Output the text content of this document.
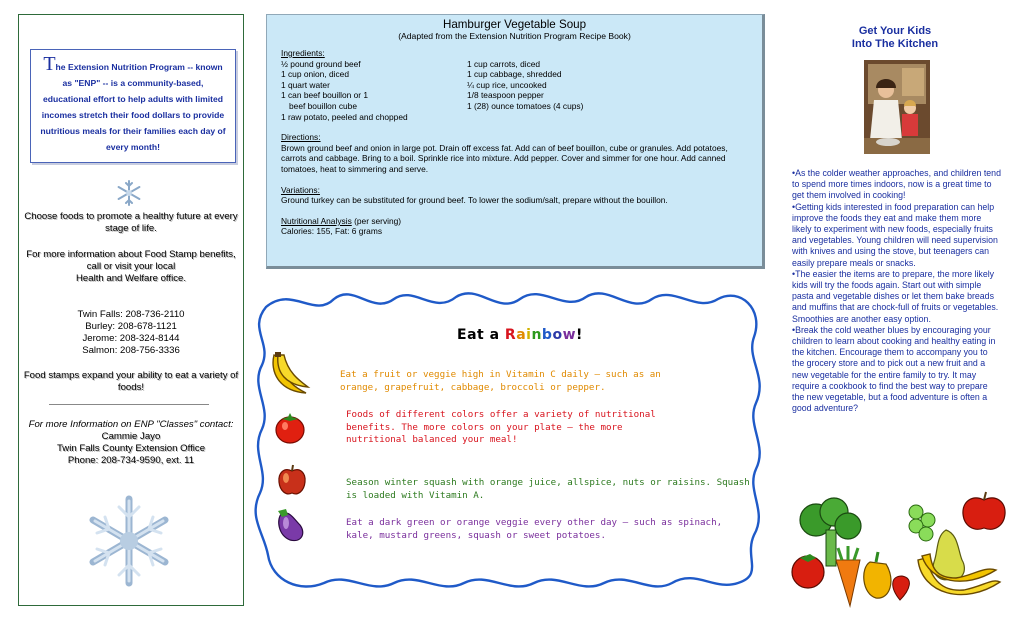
The Extension Nutrition Program -- known as "ENP" -- is a community-based, educational effort to help adults with limited incomes stretch their food dollars to provide nutritious meals for their families each day of every month!
Choose foods to promote a healthy future at every stage of life.
For more information about Food Stamp benefits,
call or visit your local
Health and Welfare office.
Twin Falls: 208-736-2110
Burley: 208-678-1121
Jerome: 208-324-8144
Salmon: 208-756-3336
Food stamps expand your ability to eat a variety of foods!
For more Information on ENP "Classes" contact:
Cammie Jayo
Twin Falls County Extension Office
Phone: 208-734-9590, ext. 11
Hamburger Vegetable Soup
(Adapted from the Extension Nutrition Program Recipe Book)
Ingredients:
½ pound ground beef
1 cup onion, diced
1 quart water
1 can beef bouillon or 1
beef bouillon cube
1 cup carrots, diced
1 cup cabbage, shredded
¼ cup rice, uncooked
1/8 teaspoon pepper
1 (28) ounce tomatoes (4 cups)
1 raw potato, peeled and chopped
Directions:
Brown ground beef and onion in large pot. Drain off excess fat. Add can of beef bouillon, cube or granules. Add potatoes, carrots and cabbage. Bring to a boil. Sprinkle rice into mixture. Add pepper. Cover and simmer for one hour. Add canned tomatoes, heat to simmering and serve.
Variations:
Ground turkey can be substituted for ground beef. To lower the sodium/salt, prepare without the bouillon.
Nutritional Analysis (per serving)
Calories: 155, Fat: 6 grams
Eat a Rainbow!
Eat a fruit or veggie high in Vitamin C daily – such as an orange, grapefruit, cabbage, broccoli or pepper.
Foods of different colors offer a variety of nutritional benefits. The more colors on your plate – the more nutritional balanced your meal!
Season winter squash with orange juice, allspice, nuts or raisins. Squash is loaded with Vitamin A.
Eat a dark green or orange veggie every other day – such as spinach, kale, mustard greens, squash or sweet potatoes.
Get Your Kids
Into The Kitchen
•As the colder weather approaches, and children tend to spend more times indoors, now is a great time to get them involved in cooking!
•Getting kids interested in food preparation can help improve the foods they eat and make them more likely to experiment with new foods, especially fruits and vegetables. Young children will need supervision with knives and using the stove, but teenagers can easily prepare meals or snacks.
•The easier the items are to prepare, the more likely kids will try the foods again. Start out with simple pasta and vegetable dishes or let them bake breads and muffins that are chock-full of fruits or vegetables. Smoothies are another easy option.
•Break the cold weather blues by encouraging your children to learn about cooking and healthy eating in the kitchen. Encourage them to accompany you to the grocery store and to pick out a new fruit and a new vegetable for the entire family to try. It may require a cookbook to find the best way to prepare the new vegetable, but a food adventure is often a good adventure?
